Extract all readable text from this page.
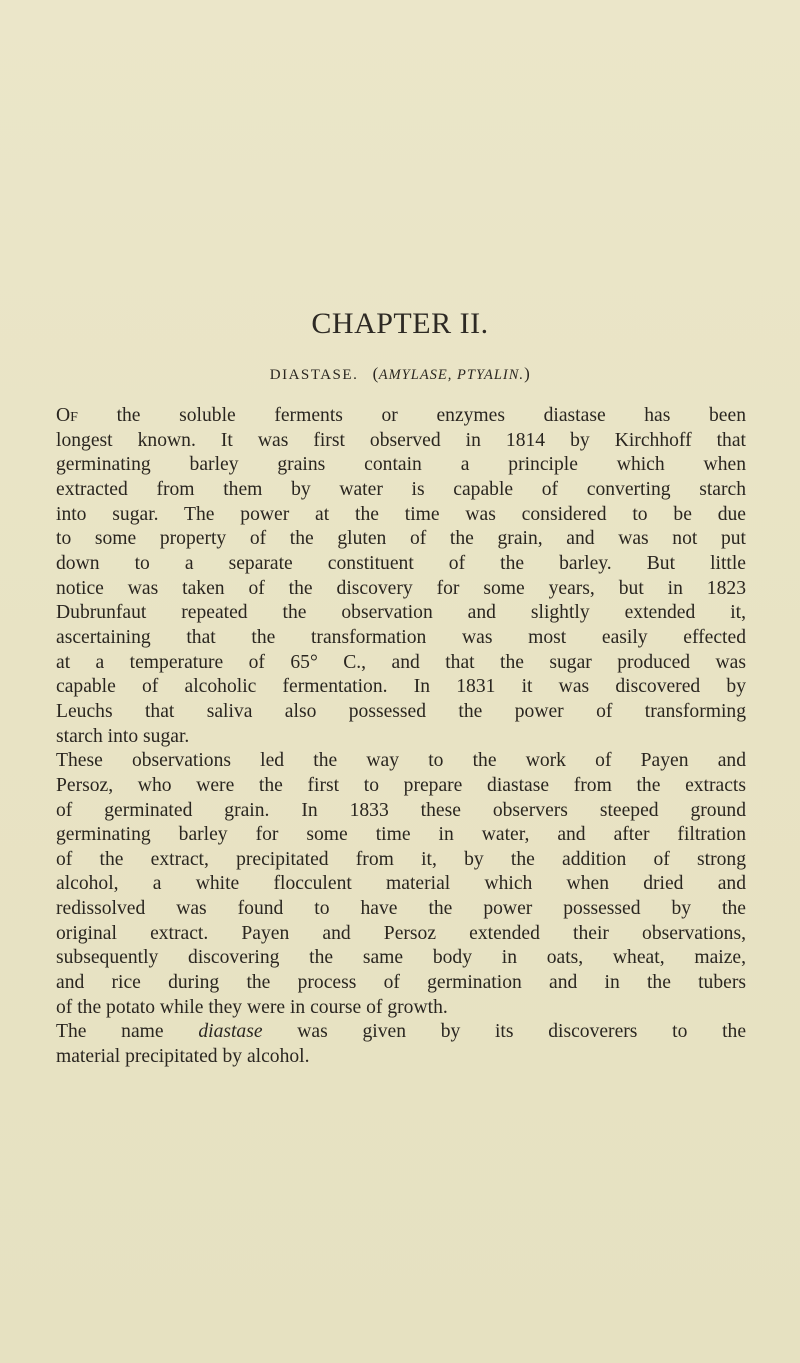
CHAPTER II.
DIASTASE.   (AMYLASE, PTYALIN.)
Of the soluble ferments or enzymes diastase has been
longest known. It was first observed in 1814 by Kirchhoff that
germinating barley grains contain a principle which when
extracted from them by water is capable of converting starch
into sugar. The power at the time was considered to be due
to some property of the gluten of the grain, and was not put
down to a separate constituent of the barley. But little
notice was taken of the discovery for some years, but in 1823
Dubrunfaut repeated the observation and slightly extended it,
ascertaining that the transformation was most easily effected
at a temperature of 65° C., and that the sugar produced was
capable of alcoholic fermentation. In 1831 it was discovered by
Leuchs that saliva also possessed the power of transforming
starch into sugar.
These observations led the way to the work of Payen and
Persoz, who were the first to prepare diastase from the extracts
of germinated grain. In 1833 these observers steeped ground
germinating barley for some time in water, and after filtration
of the extract, precipitated from it, by the addition of strong
alcohol, a white flocculent material which when dried and
redissolved was found to have the power possessed by the
original extract. Payen and Persoz extended their observations,
subsequently discovering the same body in oats, wheat, maize,
and rice during the process of germination and in the tubers
of the potato while they were in course of growth.
The name diastase was given by its discoverers to the
material precipitated by alcohol.
